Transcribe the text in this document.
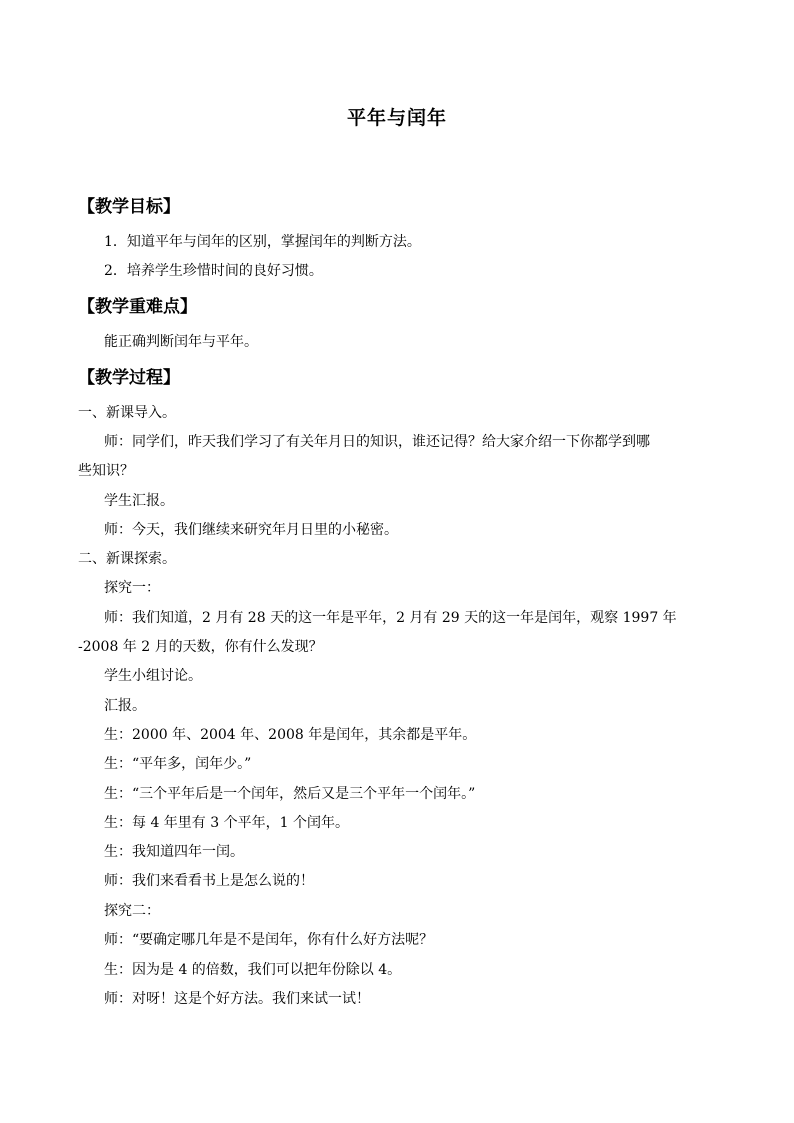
平年与闰年
【教学目标】
1．知道平年与闰年的区别，掌握闰年的判断方法。
2．培养学生珍惜时间的良好习惯。
【教学重难点】
能正确判断闰年与平年。
【教学过程】
一、新课导入。
师：同学们，昨天我们学习了有关年月日的知识，谁还记得？给大家介绍一下你都学到哪
些知识？
学生汇报。
师：今天，我们继续来研究年月日里的小秘密。
二、新课探索。
探究一：
师：我们知道，2 月有 28 天的这一年是平年，2 月有 29 天的这一年是闰年，观察 1997 年
-2008 年 2 月的天数，你有什么发现？
学生小组讨论。
汇报。
生：2000 年、2004 年、2008 年是闰年，其余都是平年。
生：“平年多，闰年少。”
生：“三个平年后是一个闰年，然后又是三个平年一个闰年。”
生：每 4 年里有 3 个平年，1 个闰年。
生：我知道四年一闰。
师：我们来看看书上是怎么说的！
探究二：
师：“要确定哪几年是不是闰年，你有什么好方法呢？
生：因为是 4 的倍数，我们可以把年份除以 4。
师：对呀！这是个好方法。我们来试一试！
